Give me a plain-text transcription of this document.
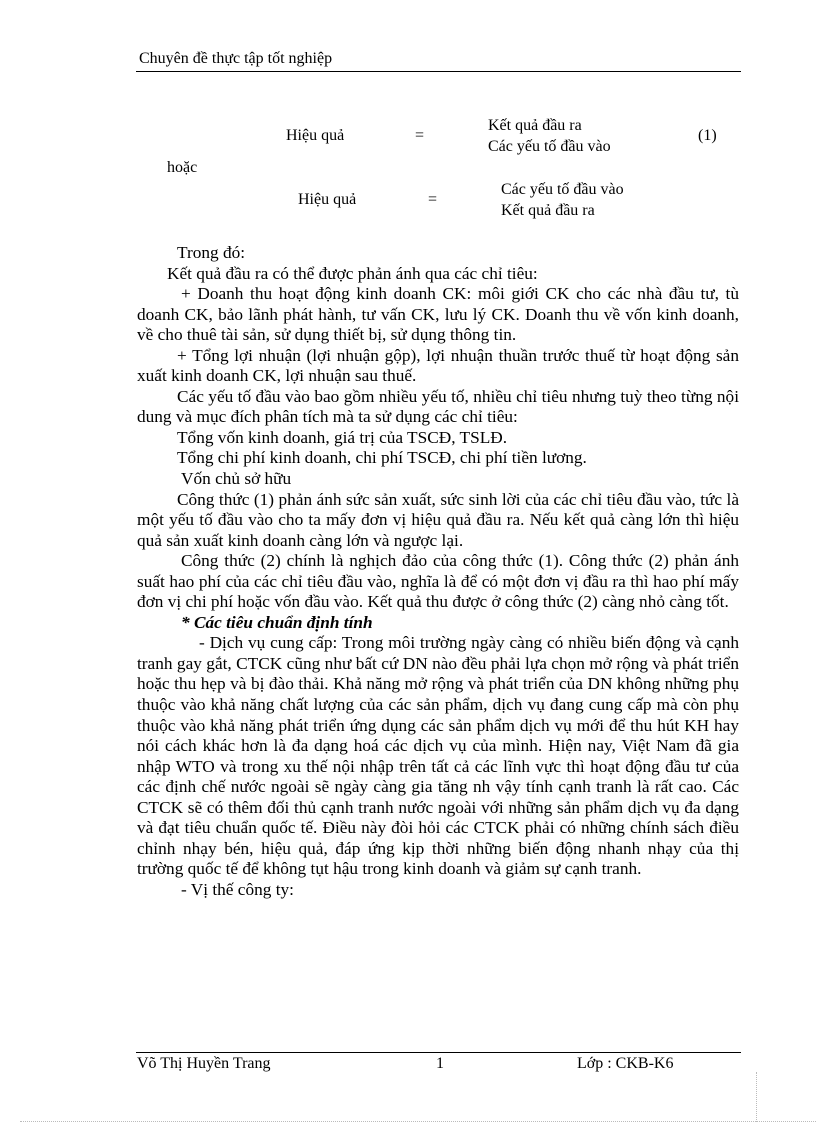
Chuyên đề thực tập tốt nghiệp
Hiệu quả	=
Kết quả đầu ra
Các yếu tố đầu vào
(1)
hoặc
Hiệu quả	=
Các yếu tố đầu vào
Kết quả đầu ra

Trong đó:

Kết quả đầu ra có thể được phản ánh qua các chỉ tiêu:

+ Doanh thu hoạt động kinh doanh CK: môi giới CK cho các nhà đầu tư, tù doanh CK, bảo lãnh phát hành, tư vấn CK, lưu lý CK. Doanh thu về vốn kinh doanh, về cho thuê tài sản, sử dụng thiết bị, sử dụng thông tin.

+ Tổng lợi nhuận (lợi nhuận gộp), lợi nhuận thuần trước thuế từ hoạt động sản xuất kinh doanh CK, lợi nhuận sau thuế.

Các yếu tố đầu vào bao gồm nhiều yếu tố, nhiều chỉ tiêu nhưng tuỳ theo từng nội dung và mục đích phân tích mà ta sử dụng các chỉ tiêu:

Tổng vốn kinh doanh, giá trị của TSCĐ, TSLĐ.

Tổng chi phí kinh doanh, chi phí TSCĐ, chi phí tiền lương.

Vốn chủ sở hữu

Công thức (1) phản ánh sức sản xuất, sức sinh lời của các chỉ tiêu đầu vào, tức là một yếu tố đầu vào cho ta mấy đơn vị hiệu quả đầu ra. Nếu kết quả càng lớn thì hiệu quả sản xuất kinh doanh càng lớn và ngược lại.

Công thức (2) chính là nghịch đảo của công thức (1). Công thức (2) phản ánh suất hao phí của các chỉ tiêu đầu vào, nghĩa là để có một đơn vị đầu ra thì hao phí mấy đơn vị chi phí hoặc vốn đầu vào. Kết quả thu được ở công thức (2) càng nhỏ càng tốt.

* Các tiêu chuẩn định tính

- Dịch vụ cung cấp: Trong môi trường ngày càng có nhiều biến động và cạnh tranh gay gắt, CTCK cũng như bất cứ DN nào đều phải lựa chọn mở rộng và phát triển hoặc thu hẹp và bị đào thải. Khả năng mở rộng và phát triển của DN không những phụ thuộc vào khả năng chất lượng của các sản phẩm, dịch vụ đang cung cấp mà còn phụ thuộc vào khả năng phát triển ứng dụng các sản phẩm dịch vụ mới để thu hút KH hay nói cách khác hơn là đa dạng hoá các dịch vụ của mình. Hiện nay, Việt Nam đã gia nhập WTO và trong xu thế nội nhập trên tất cả các lĩnh vực thì hoạt động đầu tư của các định chế nước ngoài sẽ ngày càng gia tăng nh vậy tính cạnh tranh là rất cao. Các CTCK sẽ có thêm đối thủ cạnh tranh nước ngoài với những sản phẩm dịch vụ đa dạng và đạt tiêu chuẩn quốc tế. Điều này đòi hỏi các CTCK phải có những chính sách điều chỉnh nhạy bén, hiệu quả, đáp ứng kịp thời những biến động nhanh nhạy của thị trường quốc tế để không tụt hậu trong kinh doanh và giảm sự cạnh tranh.

- Vị thế công ty:

Võ Thị Huyền Trang	1	Lớp : CKB-K6
